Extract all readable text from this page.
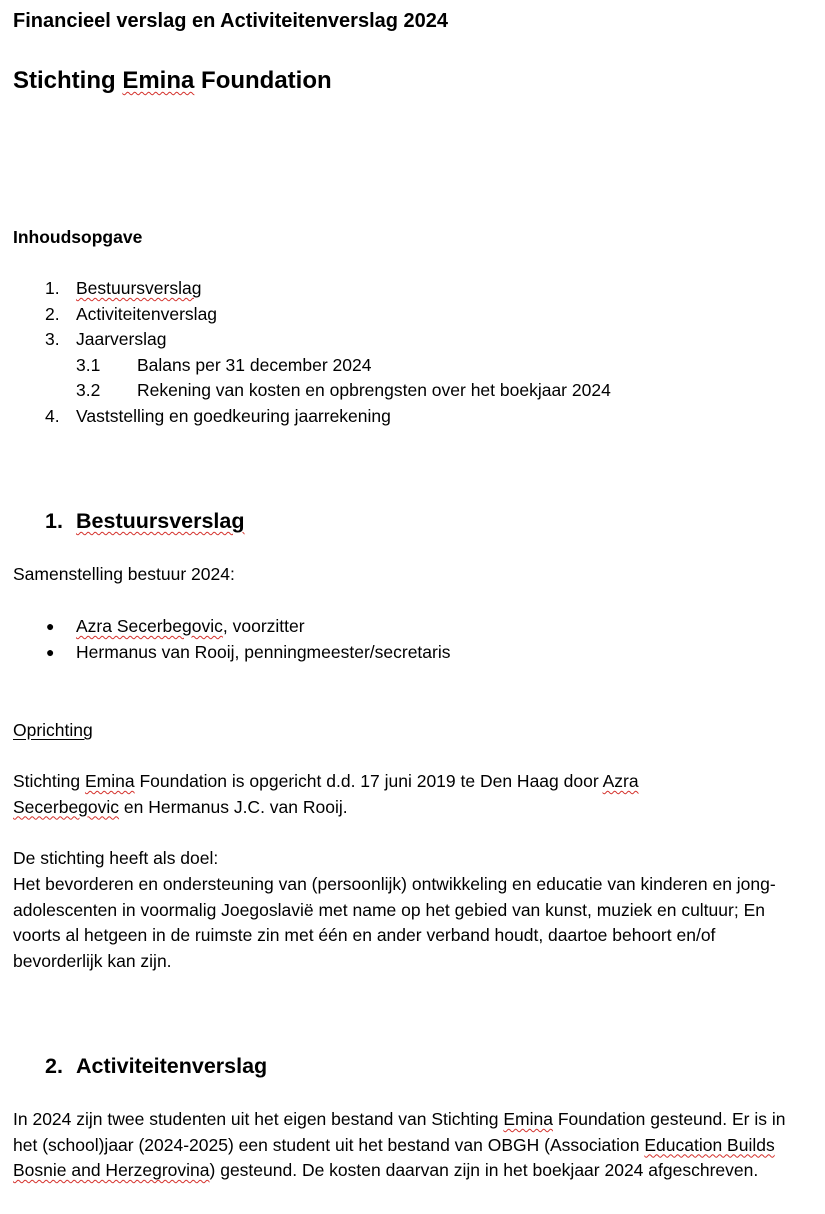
Financieel verslag en Activiteitenverslag 2024
Stichting Emina Foundation
Inhoudsopgave
1. Bestuursverslag
2. Activiteitenverslag
3. Jaarverslag
3.1	Balans per 31 december 2024
3.2	Rekening van kosten en opbrengsten over het boekjaar 2024
4. Vaststelling en goedkeuring jaarrekening
1. Bestuursverslag
Samenstelling bestuur 2024:
●	Azra Secerbegovic, voorzitter
●	Hermanus van Rooij, penningmeester/secretaris
Oprichting
Stichting Emina Foundation is opgericht d.d. 17 juni 2019 te Den Haag door Azra
Secerbegovic en Hermanus J.C. van Rooij.
De stichting heeft als doel:
Het bevorderen en ondersteuning van (persoonlijk) ontwikkeling en educatie van kinderen en jong-adolescenten in voormalig Joegoslavië met name op het gebied van kunst, muziek en cultuur; En voorts al hetgeen in de ruimste zin met één en ander verband houdt, daartoe behoort en/of bevorderlijk kan zijn.
2. Activiteitenverslag
In 2024 zijn twee studenten uit het eigen bestand van Stichting Emina Foundation gesteund. Er is in het (school)jaar (2024-2025) een student uit het bestand van OBGH (Association Education Builds Bosnie and Herzegrovina) gesteund. De kosten daarvan zijn in het boekjaar 2024 afgeschreven.
